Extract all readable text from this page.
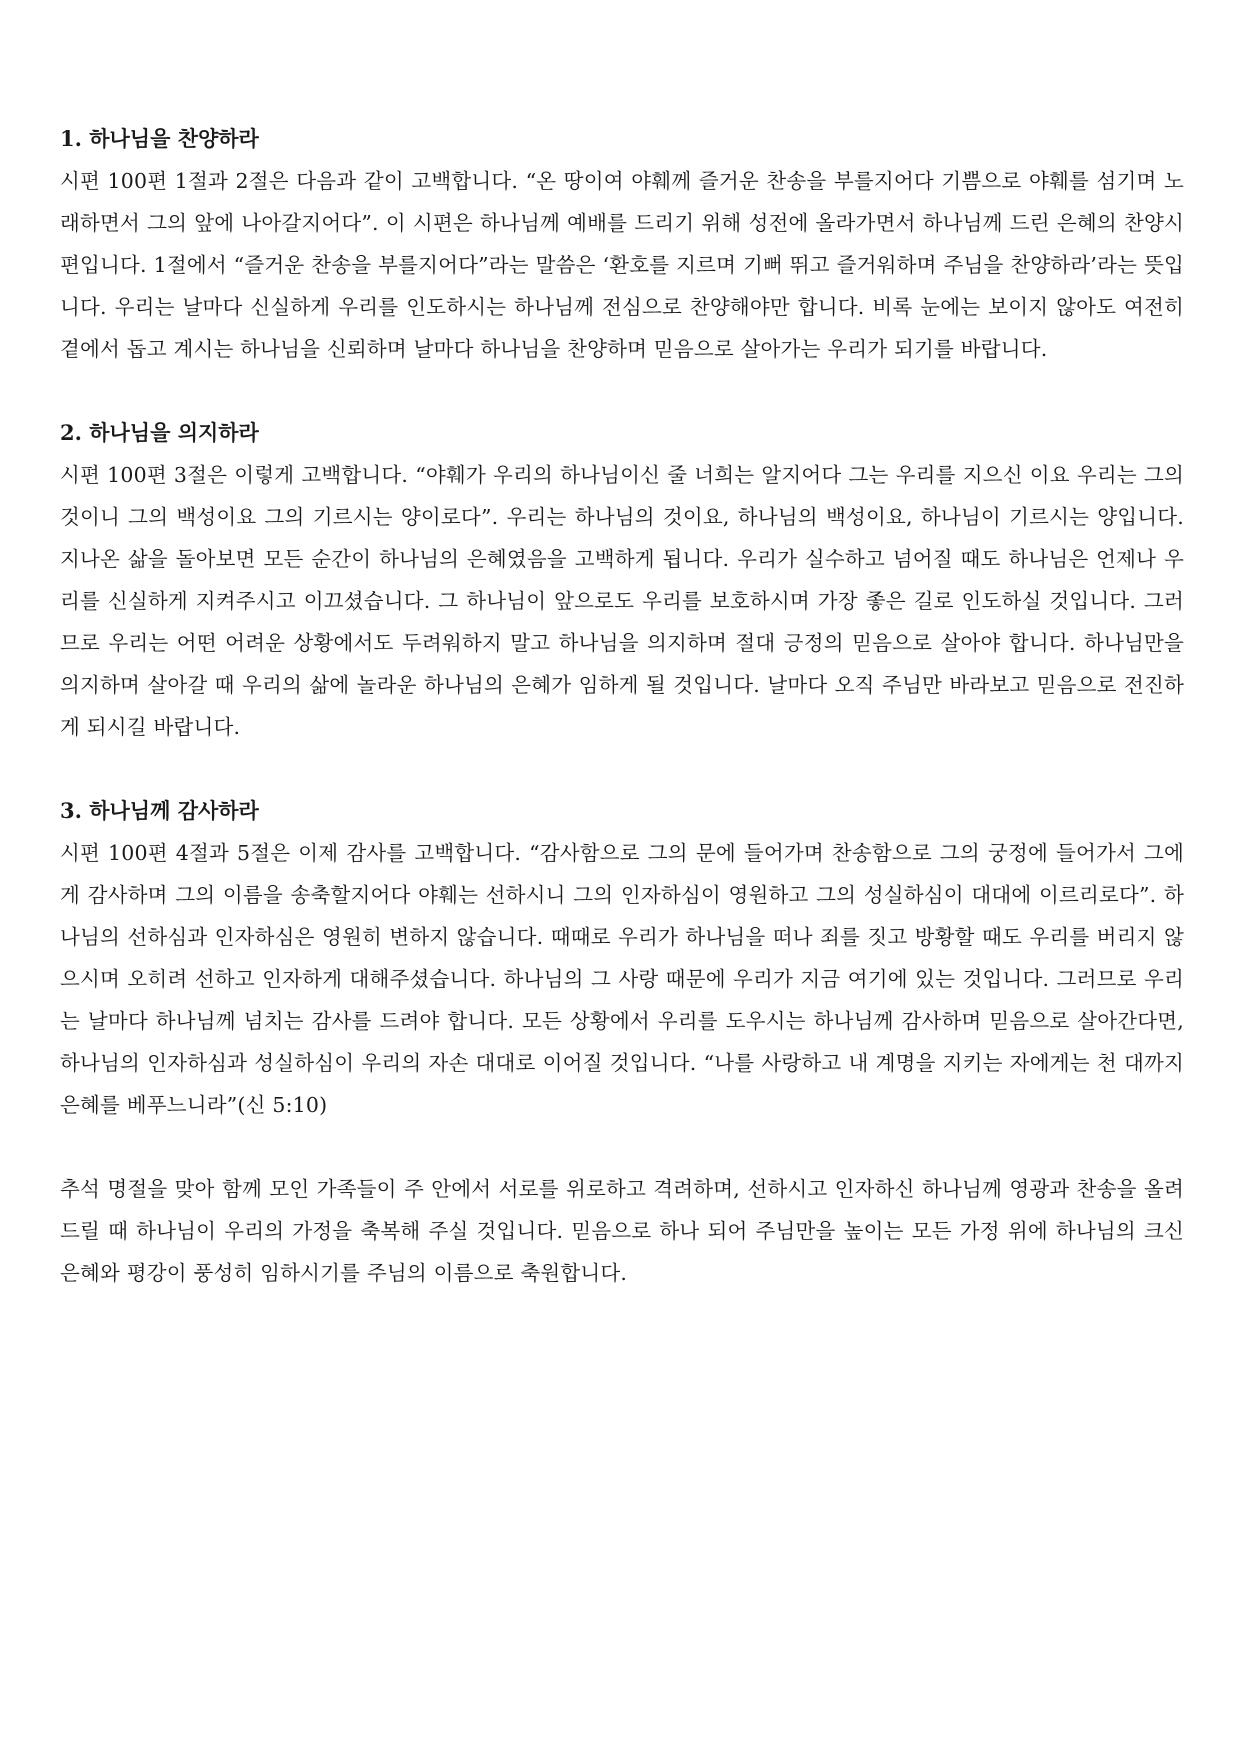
1. 하나님을 찬양하라

시편 100편 1절과 2절은 다음과 같이 고백합니다. “온 땅이여 야훼께 즐거운 찬송을 부를지어다 기쁨으로 야훼를 섬기며 노래하면서 그의 앞에 나아갈지어다”. 이 시편은 하나님께 예배를 드리기 위해 성전에 올라가면서 하나님께 드린 은혜의 찬양시편입니다. 1절에서 “즐거운 찬송을 부를지어다”라는 말씀은 ‘환호를 지르며 기뻐 뛰고 즐거워하며 주님을 찬양하라’라는 뜻입니다. 우리는 날마다 신실하게 우리를 인도하시는 하나님께 전심으로 찬양해야만 합니다. 비록 눈에는 보이지 않아도 여전히 곁에서 돕고 계시는 하나님을 신뢰하며 날마다 하나님을 찬양하며 믿음으로 살아가는 우리가 되기를 바랍니다.

2. 하나님을 의지하라

시편 100편 3절은 이렇게 고백합니다. “야훼가 우리의 하나님이신 줄 너희는 알지어다 그는 우리를 지으신 이요 우리는 그의 것이니 그의 백성이요 그의 기르시는 양이로다”. 우리는 하나님의 것이요, 하나님의 백성이요, 하나님이 기르시는 양입니다. 지나온 삶을 돌아보면 모든 순간이 하나님의 은혜였음을 고백하게 됩니다. 우리가 실수하고 넘어질 때도 하나님은 언제나 우리를 신실하게 지켜주시고 이끄셨습니다. 그 하나님이 앞으로도 우리를 보호하시며 가장 좋은 길로 인도하실 것입니다. 그러므로 우리는 어떤 어려운 상황에서도 두려워하지 말고 하나님을 의지하며 절대 긍정의 믿음으로 살아야 합니다. 하나님만을 의지하며 살아갈 때 우리의 삶에 놀라운 하나님의 은혜가 임하게 될 것입니다. 날마다 오직 주님만 바라보고 믿음으로 전진하게 되시길 바랍니다.

3. 하나님께 감사하라

시편 100편 4절과 5절은 이제 감사를 고백합니다. “감사함으로 그의 문에 들어가며 찬송함으로 그의 궁정에 들어가서 그에게 감사하며 그의 이름을 송축할지어다 야훼는 선하시니 그의 인자하심이 영원하고 그의 성실하심이 대대에 이르리로다”. 하나님의 선하심과 인자하심은 영원히 변하지 않습니다. 때때로 우리가 하나님을 떠나 죄를 짓고 방황할 때도 우리를 버리지 않으시며 오히려 선하고 인자하게 대해주셨습니다. 하나님의 그 사랑 때문에 우리가 지금 여기에 있는 것입니다. 그러므로 우리는 날마다 하나님께 넘치는 감사를 드려야 합니다. 모든 상황에서 우리를 도우시는 하나님께 감사하며 믿음으로 살아간다면, 하나님의 인자하심과 성실하심이 우리의 자손 대대로 이어질 것입니다. “나를 사랑하고 내 계명을 지키는 자에게는 천 대까지 은혜를 베푸느니라”(신 5:10)

추석 명절을 맞아 함께 모인 가족들이 주 안에서 서로를 위로하고 격려하며, 선하시고 인자하신 하나님께 영광과 찬송을 올려드릴 때 하나님이 우리의 가정을 축복해 주실 것입니다. 믿음으로 하나 되어 주님만을 높이는 모든 가정 위에 하나님의 크신 은혜와 평강이 풍성히 임하시기를 주님의 이름으로 축원합니다.
